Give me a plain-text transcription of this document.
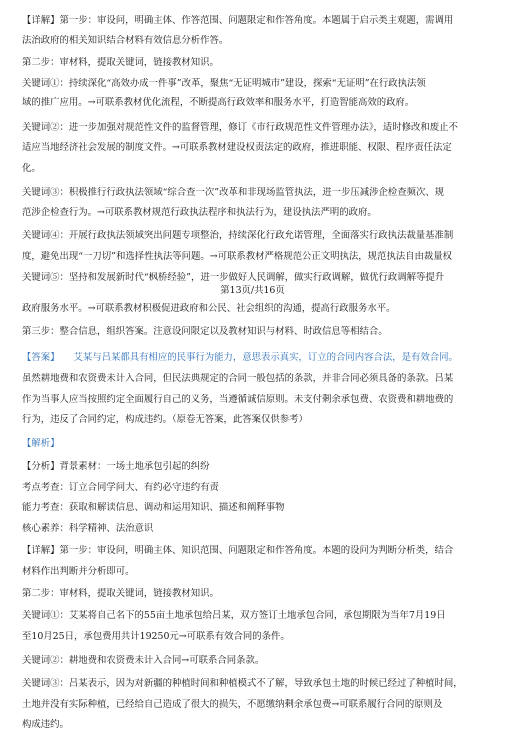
【详解】第一步：审设问，明确主体、作答范围、问题限定和作答角度。本题属于启示类主观题，需调用
法治政府的相关知识结合材料有效信息分析作答。
第二步：审材料，提取关键词，链接教材知识。
关键词①：持续深化“高效办成一件事”改革，聚焦“无证明城市”建设，探索“无证明”在行政执法领
域的推广应用。→可联系教材优化流程，不断提高行政效率和服务水平，打造智能高效的政府。
关键词②：进一步加强对规范性文件的监督管理，修订《市行政规范性文件管理办法》，适时修改和废止不
适应当地经济社会发展的制度文件。→可联系教材建设权责法定的政府，推进职能、权限、程序责任法定
化。
关键词③：积极推行行政执法领域“综合查一次”改革和非现场监管执法，进一步压减涉企检查频次、规
范涉企检查行为。→可联系教材规范行政执法程序和执法行为，建设执法严明的政府。
关键词④：开展行政执法领域突出问题专项整治，持续深化行政允诺管理，全面落实行政执法裁量基准制
度，避免出现“一刀切”和选择性执法等问题。→可联系教材严格规范公正文明执法，规范执法自由裁量权
关键词⑤：坚持和发展新时代“枫桥经验”，进一步做好人民调解，做实行政调解，做优行政调解等提升
第13页/共16页
政府服务水平。→可联系教材积极促进政府和公民、社会组织的沟通，提高行政服务水平。
第三步：整合信息，组织答案。注意设问限定以及教材知识与材料、时政信息等相结合。
【答案】　　艾某与吕某都具有相应的民事行为能力，意思表示真实，订立的合同内容合法，是有效合同。
虽然耕地费和农资费未计入合同，但民法典规定的合同一般包括的条款，并非合同必须具备的条款。吕某
作为当事人应当按照约定全面履行自己的义务，当遵循诚信原则。未支付剩余承包费、农资费和耕地费的
行为，违反了合同约定，构成违约。（原卷无答案，此答案仅供参考）
【解析】
【分析】背景素材：一场土地承包引起的纠纷
考点考查：订立合同学问大、有约必守违约有责
能力考查：获取和解读信息、调动和运用知识、描述和阐释事物
核心素养：科学精神、法治意识
【详解】第一步：审设问，明确主体、知识范围、问题限定和作答角度。本题的设问为判断分析类，结合
材料作出判断并分析即可。
第二步：审材料，提取关键词，链接教材知识。
关键词①：艾某将自己名下的55亩土地承包给吕某，双方签订土地承包合同，承包期限为当年7月19日
至10月25日，承包费用共计19250元→可联系有效合同的条件。
关键词②：耕地费和农资费未计入合同→可联系合同条款。
关键词③：吕某表示，因为对新疆的种植时间和种植模式不了解，导致承包土地的时候已经过了种植时间，
土地并没有实际种植，已经给自己造成了很大的损失，不愿缴纳剩余承包费→可联系履行合同的原则及
构成违约。
